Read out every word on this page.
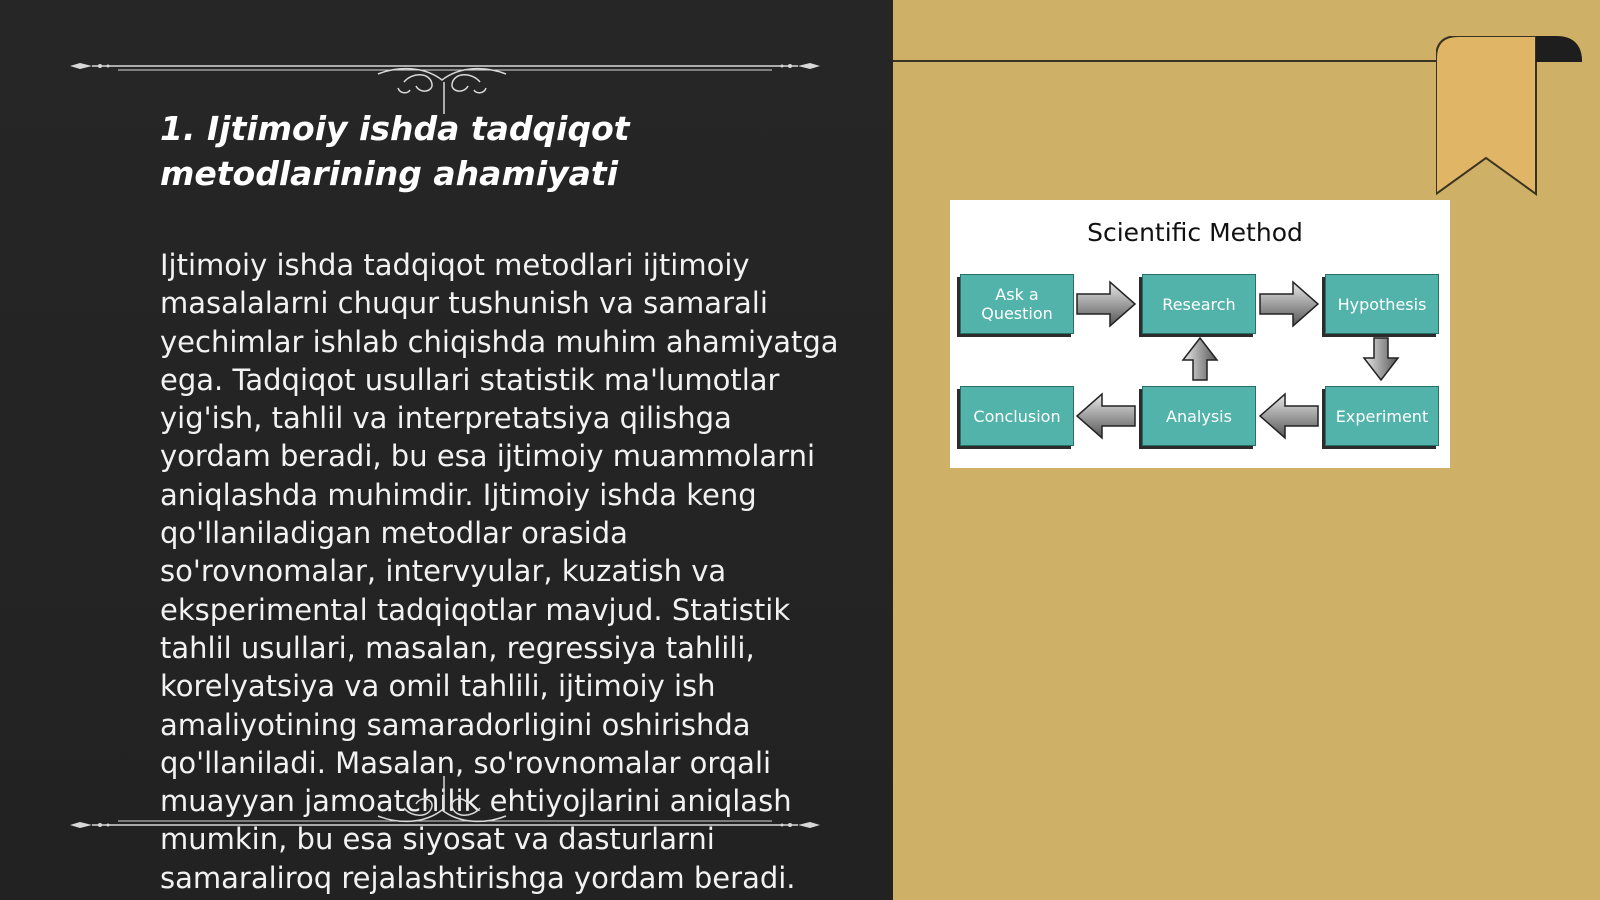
1. Ijtimoiy ishda tadqiqot metodlarining ahamiyati

Ijtimoiy ishda tadqiqot metodlari ijtimoiy masalalarni chuqur tushunish va samarali yechimlar ishlab chiqishda muhim ahamiyatga ega. Tadqiqot usullari statistik ma'lumotlar yig'ish, tahlil va interpretatsiya qilishga yordam beradi, bu esa ijtimoiy muammolarni aniqlashda muhimdir. Ijtimoiy ishda keng qo'llaniladigan metodlar orasida so'rovnomalar, intervyular, kuzatish va eksperimental tadqiqotlar mavjud. Statistik tahlil usullari, masalan, regressiya tahlili, korelyatsiya va omil tahlili, ijtimoiy ish amaliyotining samaradorligini oshirishda qo'llaniladi. Masalan, so'rovnomalar orqali muayyan jamoatchilik ehtiyojlarini aniqlash mumkin, bu esa siyosat va dasturlarni samaraliroq rejalashtirishga yordam beradi.

Scientific Method
Ask a
Question	Research	Hypothesis
Conclusion	Analysis	Experiment
